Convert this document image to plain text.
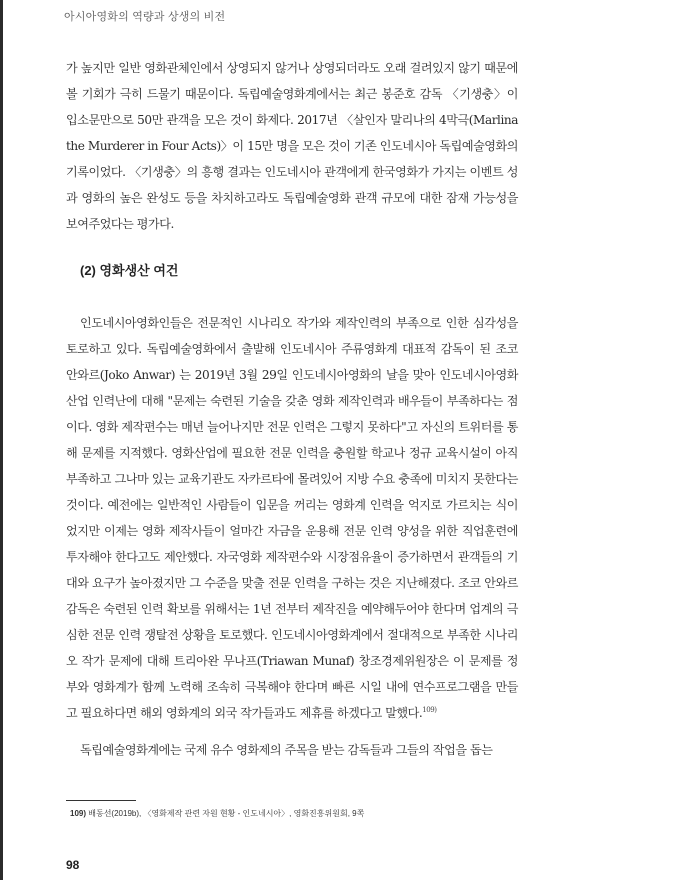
아시아영화의 역량과 상생의 비전

가 높지만 일반 영화관체인에서 상영되지 않거나 상영되더라도 오래 걸려있지 않기 때문에 볼 기회가 극히 드물기 때문이다. 독립예술영화계에서는 최근 봉준호 감독 〈기생충〉이 입소문만으로 50만 관객을 모은 것이 화제다. 2017년 〈살인자 말리나의 4막극(Marlina the Murderer in Four Acts)〉이 15만 명을 모은 것이 기존 인도네시아 독립예술영화의 기록이었다. 〈기생충〉의 흥행 결과는 인도네시아 관객에게 한국영화가 가지는 이벤트 성과 영화의 높은 완성도 등을 차치하고라도 독립예술영화 관객 규모에 대한 잠재 가능성을 보여주었다는 평가다.

(2) 영화생산 여건

인도네시아영화인들은 전문적인 시나리오 작가와 제작인력의 부족으로 인한 심각성을 토로하고 있다. 독립예술영화에서 출발해 인도네시아 주류영화계 대표적 감독이 된 조코 안와르(Joko Anwar) 는 2019년 3월 29일 인도네시아영화의 날을 맞아 인도네시아영화산업 인력난에 대해 "문제는 숙련된 기술을 갖춘 영화 제작인력과 배우들이 부족하다는 점이다. 영화 제작편수는 매년 늘어나지만 전문 인력은 그렇지 못하다"고 자신의 트위터를 통해 문제를 지적했다. 영화산업에 필요한 전문 인력을 충원할 학교나 정규 교육시설이 아직 부족하고 그나마 있는 교육기관도 자카르타에 몰려있어 지방 수요 충족에 미치지 못한다는 것이다. 예전에는 일반적인 사람들이 입문을 꺼리는 영화계 인력을 억지로 가르치는 식이었지만 이제는 영화 제작사들이 얼마간 자금을 운용해 전문 인력 양성을 위한 직업훈련에 투자해야 한다고도 제안했다. 자국영화 제작편수와 시장점유율이 증가하면서 관객들의 기대와 요구가 높아졌지만 그 수준을 맞출 전문 인력을 구하는 것은 지난해졌다. 조코 안와르 감독은 숙련된 인력 확보를 위해서는 1년 전부터 제작진을 예약해두어야 한다며 업계의 극심한 전문 인력 쟁탈전 상황을 토로했다. 인도네시아영화계에서 절대적으로 부족한 시나리오 작가 문제에 대해 트리아완 무나프(Triawan Munaf) 창조경제위원장은 이 문제를 정부와 영화계가 함께 노력해 조속히 극복해야 한다며 빠른 시일 내에 연수프로그램을 만들고 필요하다면 해외 영화계의 외국 작가들과도 제휴를 하겠다고 말했다.$^{109)}$

독립예술영화계에는 국제 유수 영화제의 주목을 받는 감독들과 그들의 작업을 돕는

109) 배동선(2019b), 〈영화제작 관련 자원 현황 - 인도네시아〉, 영화진흥위원회, 9쪽
98
